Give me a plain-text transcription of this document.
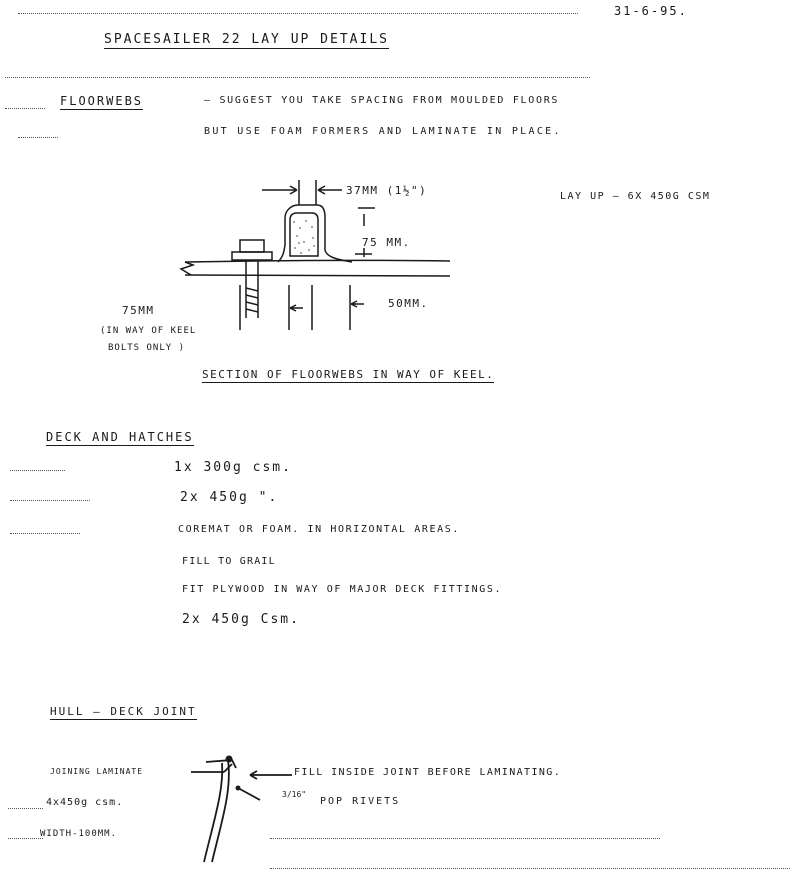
31-6-95.
SPACESAILER 22 LAY UP DETAILS
FLOORWEBS	– SUGGEST YOU TAKE SPACING FROM MOULDED FLOORS
BUT USE FOAM FORMERS AND LAMINATE IN PLACE.
37MM (1½")	LAY UP – 6X 450G CSM
75 MM.
75MM
50MM.
(IN WAY OF KEEL
BOLTS ONLY )
SECTION OF FLOORWEBS IN WAY OF KEEL.
DECK AND HATCHES
1x 300g csm.
2x 450g ".
COREMAT OR FOAM. IN HORIZONTAL AREAS.
FILL TO GRAIL
FIT PLYWOOD IN WAY OF MAJOR DECK FITTINGS.
2x 450g Csm.
HULL – DECK JOINT
JOINING LAMINATE
4x450g csm.
WIDTH-100MM.
FILL INSIDE JOINT BEFORE LAMINATING.
3/16"
POP RIVETS
